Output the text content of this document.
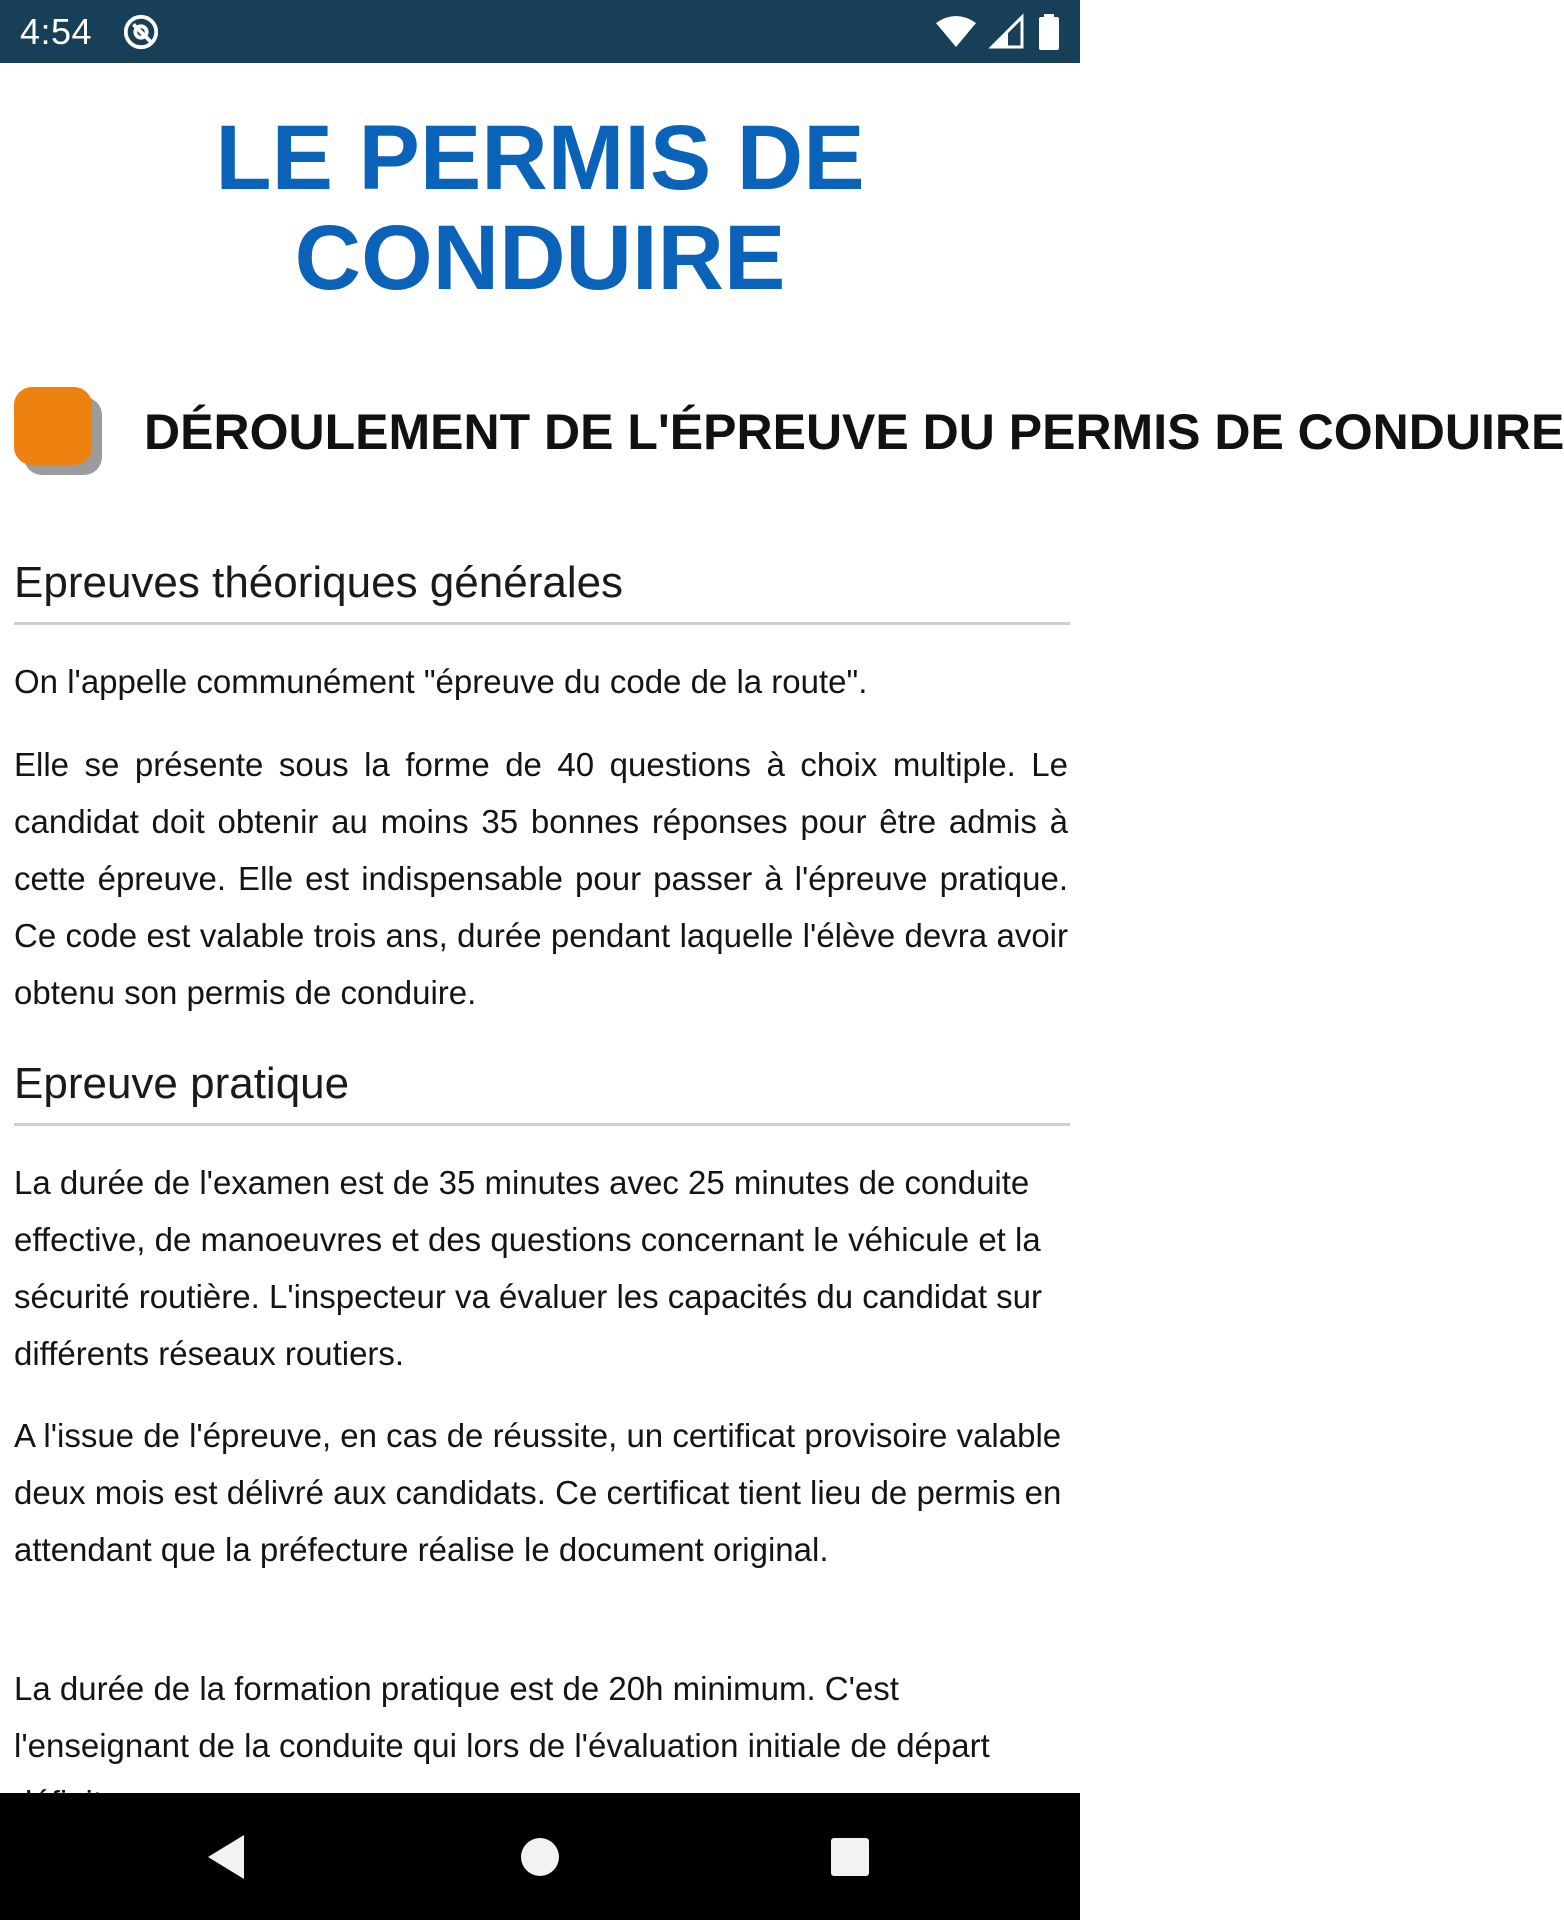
4:54
LE PERMIS DE
CONDUIRE
DÉROULEMENT DE L'ÉPREUVE DU PERMIS DE CONDUIRE
Epreuves théoriques générales

On l'appelle communément "épreuve du code de la route".

Elle se présente sous la forme de 40 questions à choix multiple. Le candidat doit obtenir au moins 35 bonnes réponses pour être admis à cette épreuve. Elle est indispensable pour passer à l'épreuve pratique. Ce code est valable trois ans, durée pendant laquelle l'élève devra avoir obtenu son permis de conduire.

Epreuve pratique

La durée de l'examen est de 35 minutes avec 25 minutes de conduite effective, de manoeuvres et des questions concernant le véhicule et la sécurité routière. L'inspecteur va évaluer les capacités du candidat sur différents réseaux routiers.

A l'issue de l'épreuve, en cas de réussite, un certificat provisoire valable deux mois est délivré aux candidats. Ce certificat tient lieu de permis en attendant que la préfecture réalise le document original.

La durée de la formation pratique est de 20h minimum. C'est l'enseignant de la conduite qui lors de l'évaluation initiale de départ
